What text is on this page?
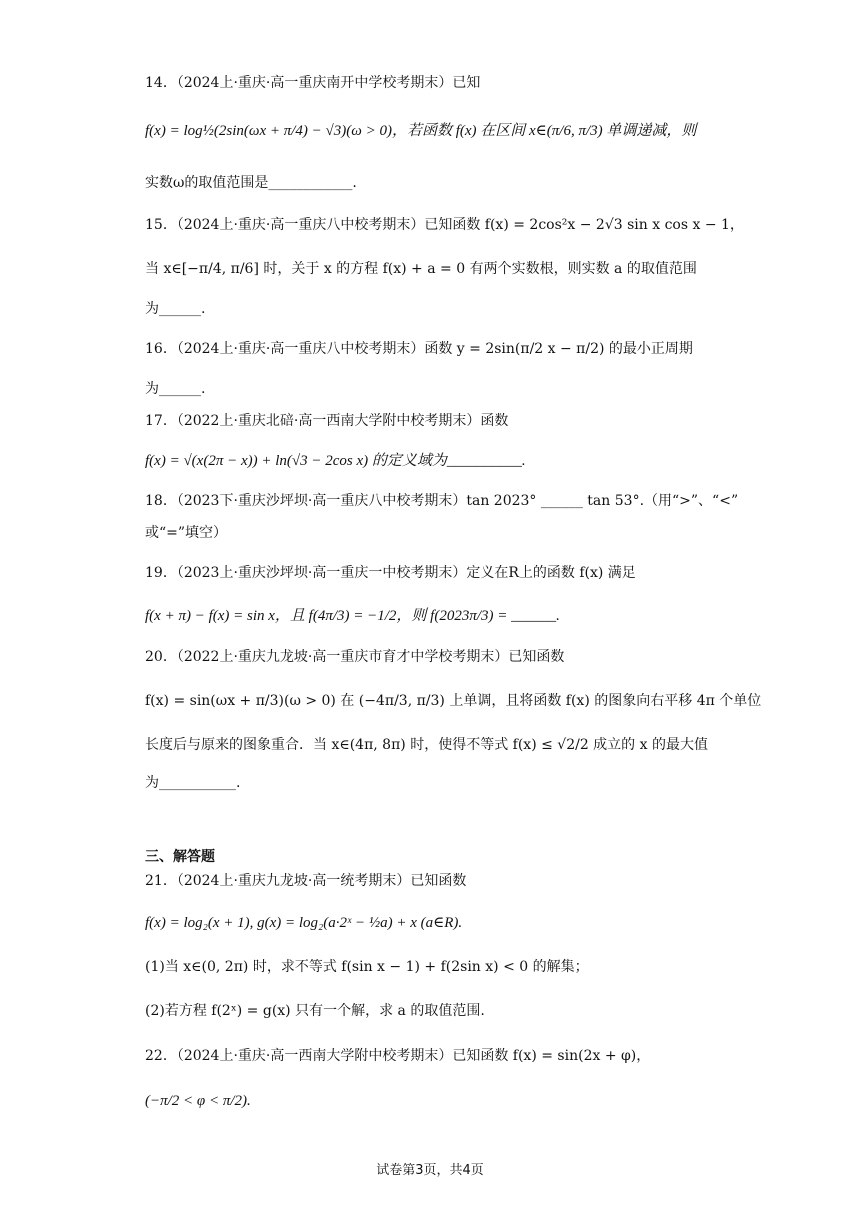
14．（2024上·重庆·高一重庆南开中学校考期末）已知
f(x) = log½(2sin(ωx + π/4) − √3)(ω > 0)，若函数 f(x) 在区间 x∈(π/6, π/3) 单调递减，则
实数ω的取值范围是____________.
15．（2024上·重庆·高一重庆八中校考期末）已知函数 f(x) = 2cos²x − 2√3 sin x cos x − 1，
当 x∈[−π/4, π/6] 时，关于 x 的方程 f(x) + a = 0 有两个实数根，则实数 a 的取值范围
为______.
16．（2024上·重庆·高一重庆八中校考期末）函数 y = 2sin(π/2 x − π/2) 的最小正周期
为______.
17．（2022上·重庆北碚·高一西南大学附中校考期末）函数
f(x) = √(x(2π − x)) + ln(√3 − 2cos x) 的定义域为__________.
18．（2023下·重庆沙坪坝·高一重庆八中校考期末）tan 2023° ______ tan 53°.（用“>”、“<”
或“=”填空）
19．（2023上·重庆沙坪坝·高一重庆一中校考期末）定义在R上的函数 f(x) 满足
f(x + π) − f(x) = sin x，且 f(4π/3) = −1/2，则 f(2023π/3) = ______.
20．（2022上·重庆九龙坡·高一重庆市育才中学校考期末）已知函数
f(x) = sin(ωx + π/3)(ω > 0) 在 (−4π/3, π/3) 上单调，且将函数 f(x) 的图象向右平移 4π 个单位
长度后与原来的图象重合．当 x∈(4π, 8π) 时，使得不等式 f(x) ≤ √2/2 成立的 x 的最大值
为___________.
三、解答题
21．（2024上·重庆九龙坡·高一统考期末）已知函数
f(x) = log₂(x + 1), g(x) = log₂(a·2ˣ − ½a) + x (a∈R).
(1)当 x∈(0, 2π) 时，求不等式 f(sin x − 1) + f(2sin x) < 0 的解集；
(2)若方程 f(2ˣ) = g(x) 只有一个解，求 a 的取值范围.
22．（2024上·重庆·高一西南大学附中校考期末）已知函数 f(x) = sin(2x + φ)，
(−π/2 < φ < π/2).
试卷第3页，共4页
